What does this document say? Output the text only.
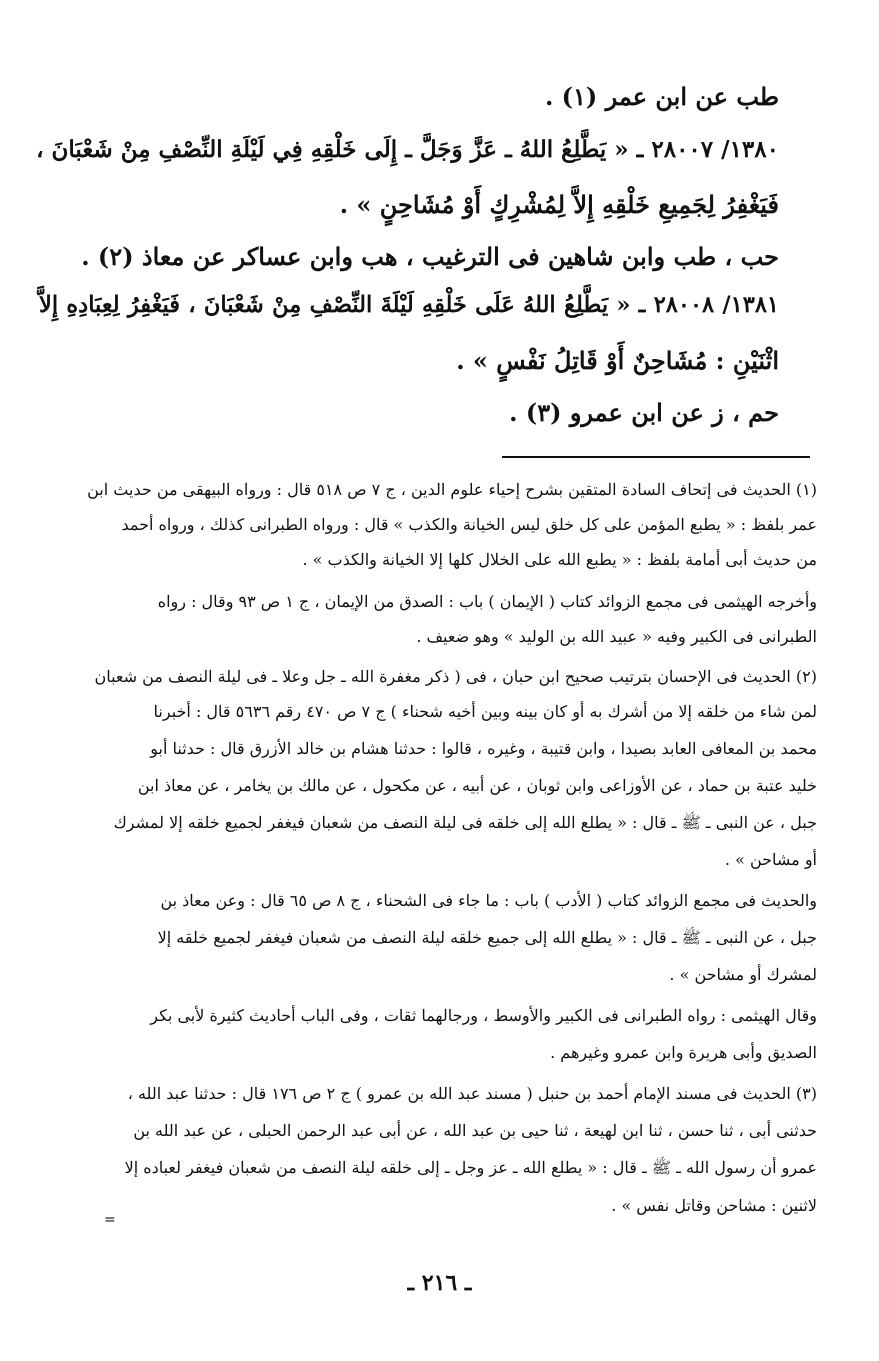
طب عن ابن عمر (١) .
١٣٨٠/ ٢٨٠٠٧ ـ « يَطَّلِعُ اللهُ ـ عَزَّ وَجَلَّ ـ إِلَى خَلْقِهِ فِي لَيْلَةِ النِّصْفِ مِنْ شَعْبَانَ ،
فَيَغْفِرُ لِجَمِيعِ خَلْقِهِ إِلاَّ لِمُشْرِكٍ أَوْ مُشَاحِنٍ » .
حب ، طب وابن شاهين فى الترغيب ، هب وابن عساكر عن معاذ (٢) .
١٣٨١/ ٢٨٠٠٨ ـ « يَطَّلِعُ اللهُ عَلَى خَلْقِهِ لَيْلَةَ النِّصْفِ مِنْ شَعْبَانَ ، فَيَغْفِرُ لِعِبَادِهِ إِلاَّ
اثْنَيْنِ : مُشَاحِنٌ أَوْ قَاتِلُ نَفْسٍ » .
حم ، ز عن ابن عمرو (٣) .
(١) الحديث فى إتحاف السادة المتقين بشرح إحياء علوم الدين ، ج ٧ ص ٥١٨ قال : ورواه البيهقى من حديث ابن
عمر بلفظ : « يطبع المؤمن على كل خلق ليس الخيانة والكذب » قال : ورواه الطبرانى كذلك ، ورواه أحمد
من حديث أبى أمامة بلفظ : « يطبع الله على الخلال كلها إلا الخيانة والكذب » .
وأخرجه الهيثمى فى مجمع الزوائد كتاب ( الإيمان ) باب : الصدق من الإيمان ، ج ١ ص ٩٣ وقال : رواه
الطبرانى فى الكبير وفيه « عبيد الله بن الوليد » وهو ضعيف .
(٢) الحديث فى الإحسان بترتيب صحيح ابن حبان ، فى ( ذكر مغفرة الله ـ جل وعلا ـ فى ليلة النصف من شعبان
لمن شاء من خلقه إلا من أشرك به أو كان بينه وبين أخيه شحناء ) ج ٧ ص ٤٧٠ رقم ٥٦٣٦ قال : أخبرنا
محمد بن المعافى العابد بصيدا ، وابن قتيبة ، وغيره ، قالوا : حدثنا هشام بن خالد الأزرق قال : حدثنا أبو
خليد عتبة بن حماد ، عن الأوزاعى وابن ثوبان ، عن أبيه ، عن مكحول ، عن مالك بن يخامر ، عن معاذ ابن
جبل ، عن النبى ـ ﷺ ـ قال : « يطلع الله إلى خلقه فى ليلة النصف من شعبان فيغفر لجميع خلقه إلا لمشرك
أو مشاحن » .
والحديث فى مجمع الزوائد كتاب ( الأدب ) باب : ما جاء فى الشحناء ، ج ٨ ص ٦٥ قال : وعن معاذ بن
جبل ، عن النبى ـ ﷺ ـ قال : « يطلع الله إلى جميع خلقه ليلة النصف من شعبان فيغفر لجميع خلقه إلا
لمشرك أو مشاحن » .
وقال الهيثمى : رواه الطبرانى فى الكبير والأوسط ، ورجالهما ثقات ، وفى الباب أحاديث كثيرة لأبى بكر
الصديق وأبى هريرة وابن عمرو وغيرهم .
(٣) الحديث فى مسند الإمام أحمد بن حنبل ( مسند عبد الله بن عمرو ) ج ٢ ص ١٧٦ قال : حدثنا عبد الله ،
حدثنى أبى ، ثنا حسن ، ثنا ابن لهيعة ، ثنا حيى بن عبد الله ، عن أبى عبد الرحمن الحبلى ، عن عبد الله بن
عمرو أن رسول الله ـ ﷺ ـ قال : « يطلع الله ـ عز وجل ـ إلى خلقه ليلة النصف من شعبان فيغفر لعباده إلا
لاثنين : مشاحن وقاتل نفس » .
=
ـ ٢١٦ ـ
